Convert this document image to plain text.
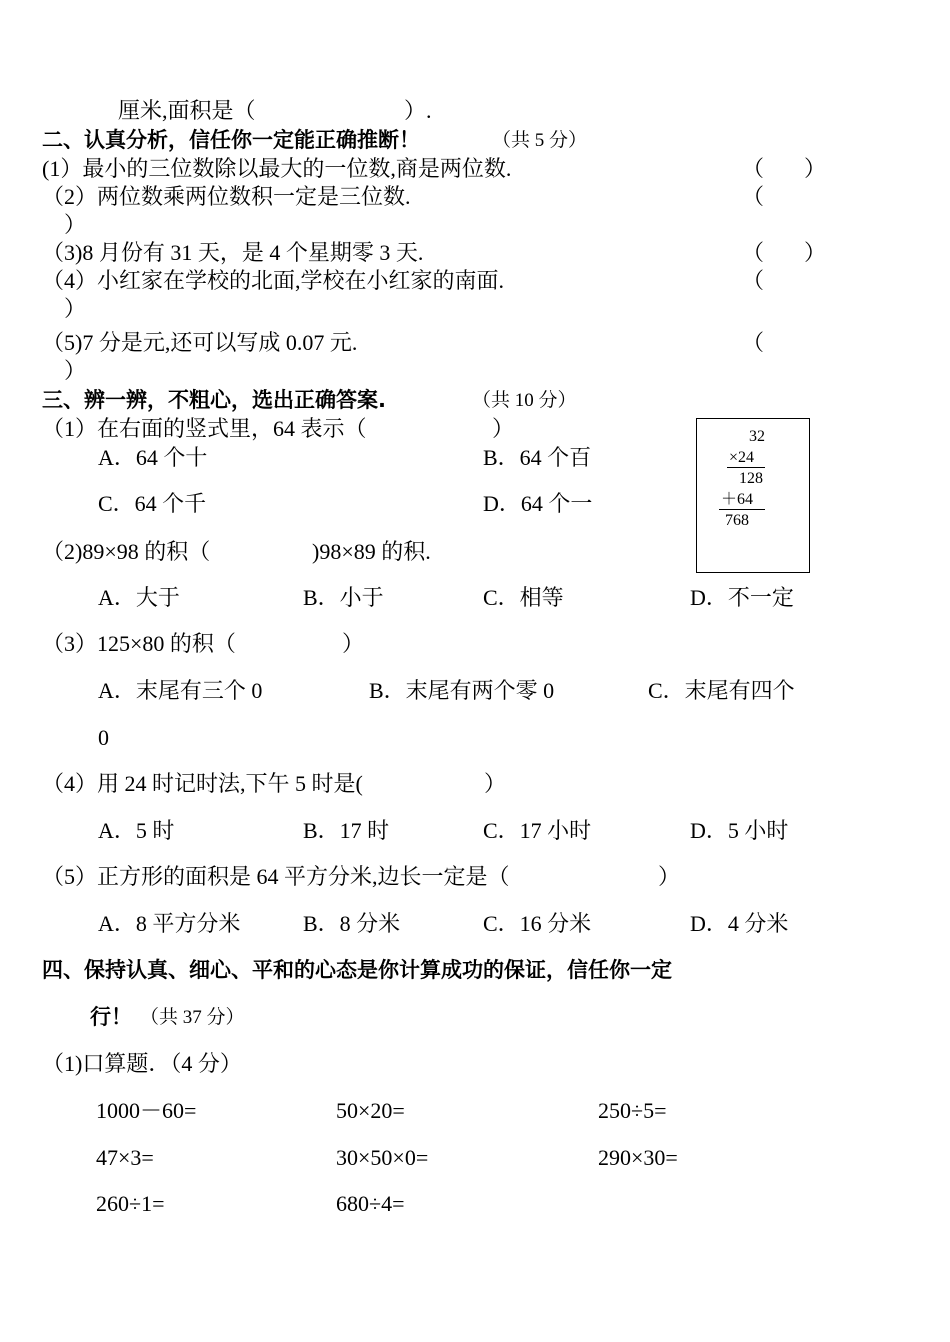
厘米,面积是（	）.
二、认真分析，信任你一定能正确推断！	（共 5 分）
(1）最小的三位数除以最大的一位数,商是两位数.	（ ）
（2）两位数乘两位数积一定是三位数.	（
）
（3)8 月份有 31 天，是 4 个星期零 3 天.	（ ）
（4）小红家在学校的北面,学校在小红家的南面.	（
）
（5)7 分是元,还可以写成 0.07 元.	（
）
三、辨一辨，不粗心，选出正确答案.	（共 10 分）
（1）在右面的竖式里，64 表示（	）
A．64 个十	B．64 个百
C．64 个千	D．64 个一
32
×24
128
＋64
768
（2)89×98 的积（	)98×89 的积.
A．大于	B．小于	C．相等	D．不一定
（3）125×80 的积（	）
A．末尾有三个 0	B．末尾有两个零 0	C．末尾有四个
0
（4）用 24 时记时法,下午 5 时是(	）
A．5 时	B．17 时	C．17 小时	D．5 小时
（5）正方形的面积是 64 平方分米,边长一定是（	）
A．8 平方分米	B．8 分米	C．16 分米	D．4 分米
四、保持认真、细心、平和的心态是你计算成功的保证，信任你一定
行！ （共 37 分）
（1)口算题．（4 分）
1000－60=	50×20=	250÷5=
47×3=	30×50×0=	290×30=
260÷1=	680÷4=
